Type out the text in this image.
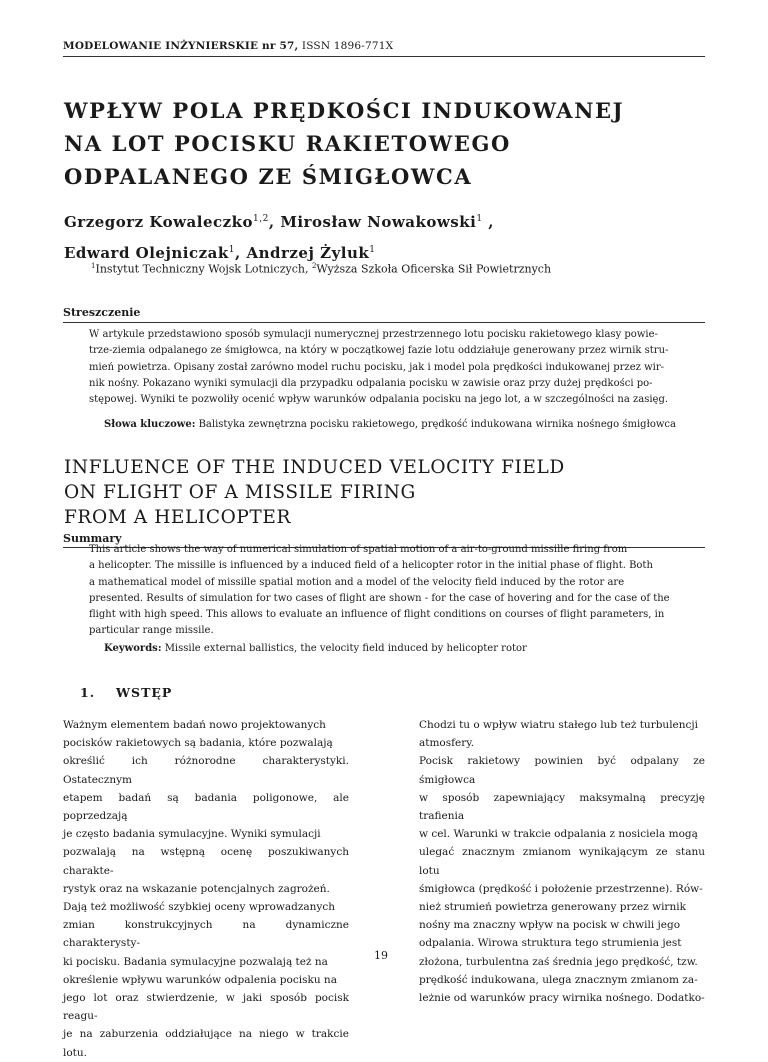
MODELOWANIE INŻYNIERSKIE nr 57, ISSN 1896-771X
WPŁYW POLA PRĘDKOŚCI INDUKOWANEJ
NA LOT POCISKU RAKIETOWEGO
ODPALANEGO ZE ŚMIGŁOWCA
Grzegorz Kowaleczko$^{1,2}$, Mirosław Nowakowski$^1$ ,
Edward Olejniczak$^1$, Andrzej Żyluk$^1$
$^1$Instytut Techniczny Wojsk Lotniczych, $^2$Wyższa Szkoła Oficerska Sił Powietrznych
Streszczenie
W artykule przedstawiono sposób symulacji numerycznej przestrzennego lotu pocisku rakietowego klasy powie-
trze-ziemia odpalanego ze śmigłowca, na który w początkowej fazie lotu oddziałuje generowany przez wirnik stru-
mień powietrza. Opisany został zarówno model ruchu pocisku, jak i model pola prędkości indukowanej przez wir-
nik nośny. Pokazano wyniki symulacji dla przypadku odpalania pocisku w zawisie oraz przy dużej prędkości po-
stępowej. Wyniki te pozwoliły ocenić wpływ warunków odpalania pocisku na jego lot, a w szczególności na zasięg.
Słowa kluczowe: Balistyka zewnętrzna pocisku rakietowego, prędkość indukowana wirnika nośnego śmigłowca
INFLUENCE OF THE INDUCED VELOCITY FIELD
ON FLIGHT OF A MISSILE FIRING
FROM A HELICOPTER
Summary
This article shows the way of numerical simulation of spatial motion of a air-to-ground missille firing from
a helicopter. The missille is influenced by a induced field of a helicopter rotor in the initial phase of flight. Both
a mathematical model of missille spatial motion and a model of the velocity field induced by the rotor are
presented. Results of simulation for two cases of flight are shown - for the case of hovering and for the case of the
flight with high speed. This allows to evaluate an influence of flight conditions on courses of flight parameters, in
particular range missile.
Keywords: Missile external ballistics, the velocity field induced by helicopter rotor
1. WSTĘP
Ważnym elementem badań nowo projektowanych
pocisków rakietowych są badania, które pozwalają
określić ich różnorodne charakterystyki. Ostatecznym
etapem badań są badania poligonowe, ale poprzedzają
je często badania symulacyjne. Wyniki symulacji
pozwalają na wstępną ocenę poszukiwanych charakte-
rystyk oraz na wskazanie potencjalnych zagrożeń.
Dają też możliwość szybkiej oceny wprowadzanych
zmian konstrukcyjnych na dynamiczne charakterysty-
ki pocisku. Badania symulacyjne pozwalają też na
określenie wpływu warunków odpalenia pocisku na
jego lot oraz stwierdzenie, w jaki sposób pocisk reagu-
je na zaburzenia oddziałujące na niego w trakcie lotu.
Chodzi tu o wpływ wiatru stałego lub też turbulencji
atmosfery.
Pocisk rakietowy powinien być odpalany ze śmigłowca
w sposób zapewniający maksymalną precyzję trafienia
w cel. Warunki w trakcie odpalania z nosiciela mogą
ulegać znacznym zmianom wynikającym ze stanu lotu
śmigłowca (prędkość i położenie przestrzenne). Rów-
nież strumień powietrza generowany przez wirnik
nośny ma znaczny wpływ na pocisk w chwili jego
odpalania. Wirowa struktura tego strumienia jest
złożona, turbulentna zaś średnia jego prędkość, tzw.
prędkość indukowana, ulega znacznym zmianom za-
leżnie od warunków pracy wirnika nośnego. Dodatko-
19
